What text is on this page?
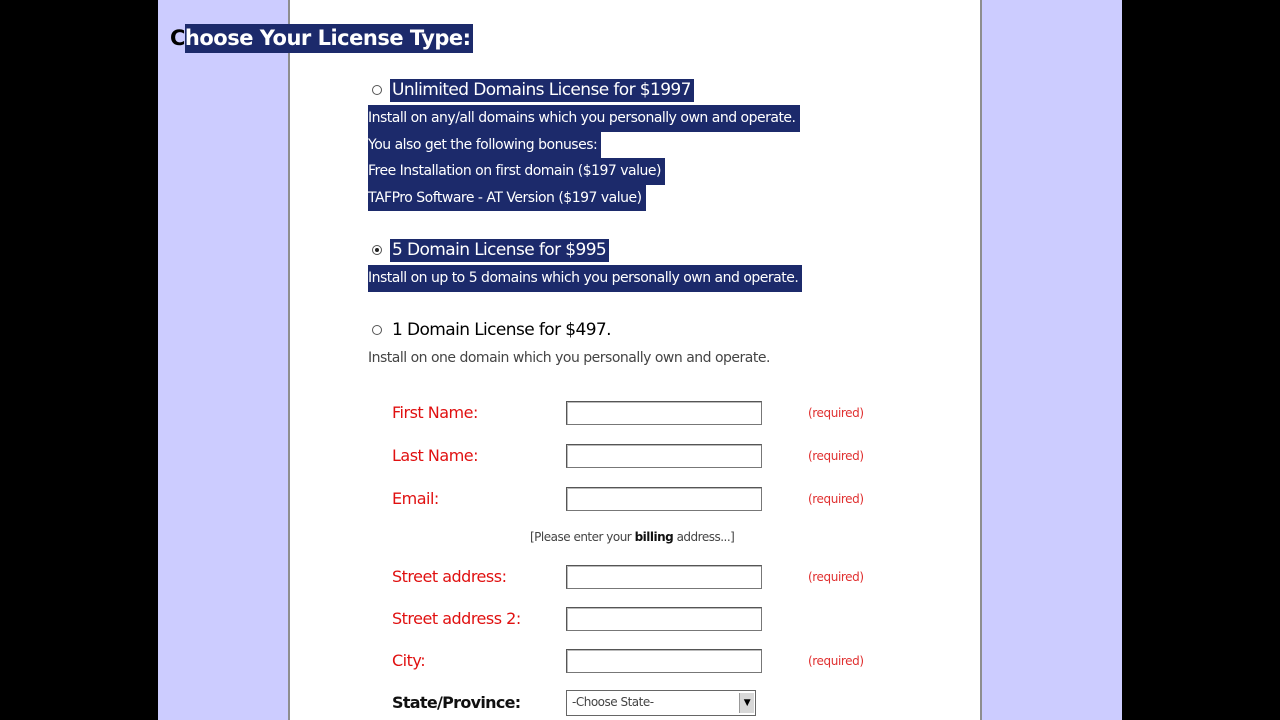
Choose Your License Type:
Unlimited Domains License for $1997
Install on any/all domains which you personally own and operate.
You also get the following bonuses:
Free Installation on first domain ($197 value)
TAFPro Software - AT Version ($197 value)
5 Domain License for $995
Install on up to 5 domains which you personally own and operate.
1 Domain License for $497.
Install on one domain which you personally own and operate.
First Name:	(required)
Last Name:	(required)
Email:	(required)
[Please enter your billing address...]
Street address:	(required)
Street address 2:
City:	(required)
State/Province:	-Choose State-	▼
